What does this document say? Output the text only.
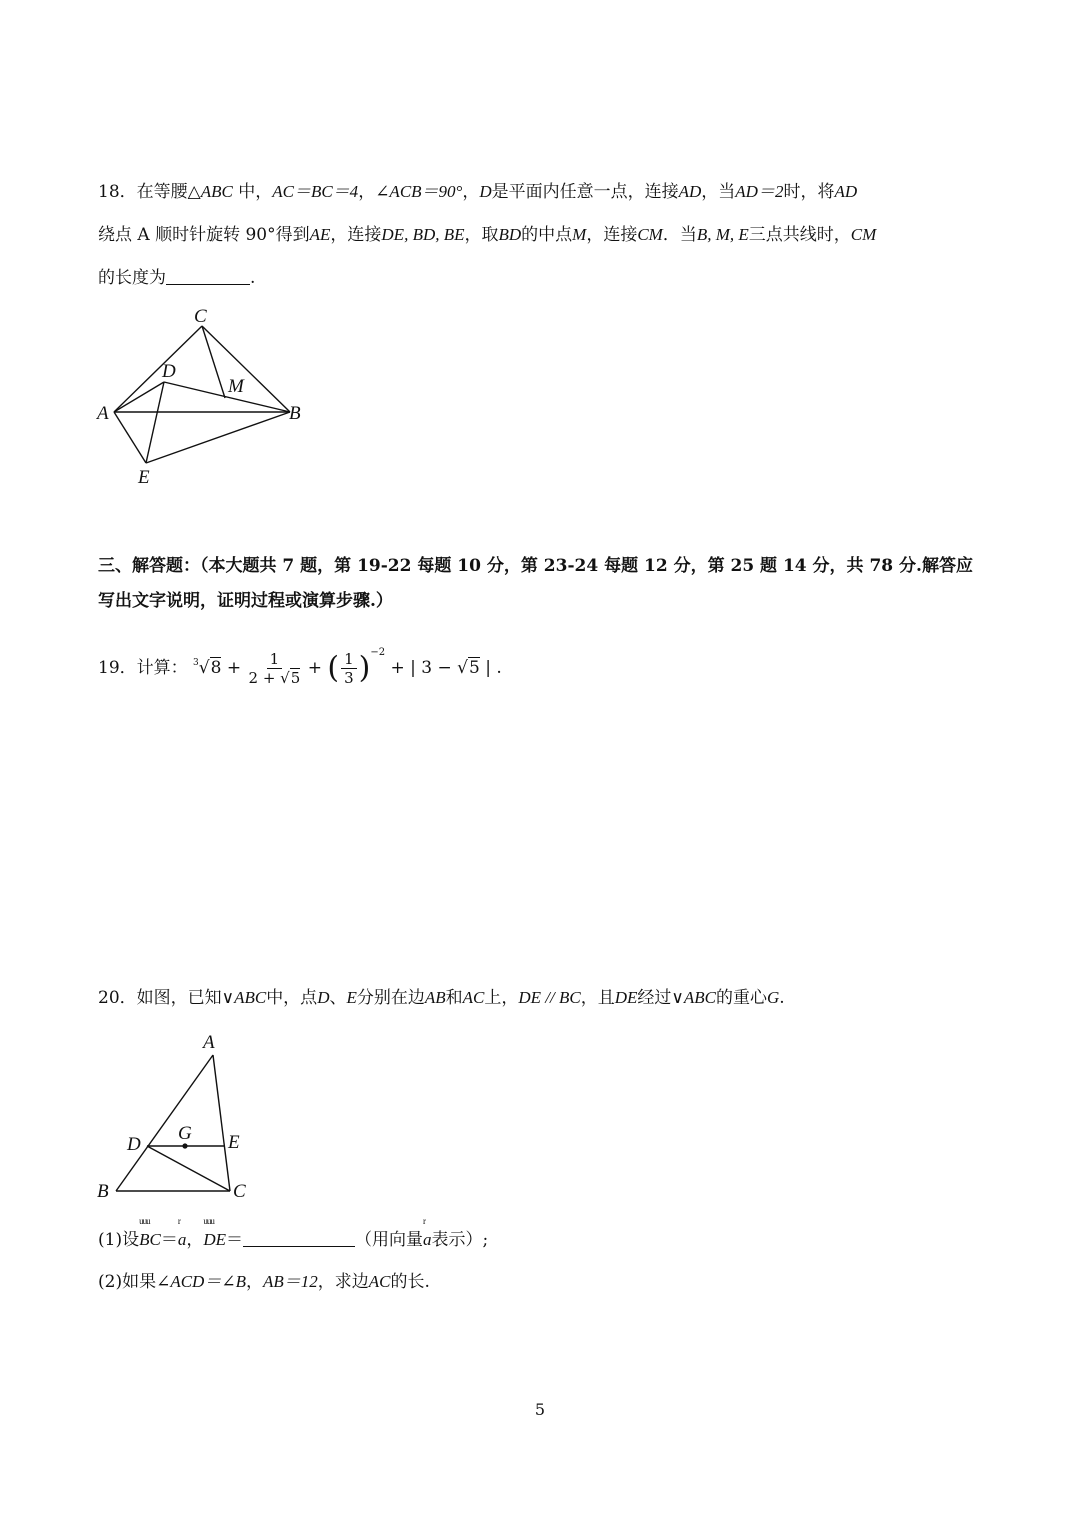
18．在等腰△ABC 中，AC＝BC＝4，∠ACB＝90°，D是平面内任意一点，连接AD，当AD＝2时，将AD
绕点 A 顺时针旋转 90°得到AE，连接DE, BD, BE，取BD的中点M，连接CM．当B, M, E三点共线时，CM
的长度为	.
C
D
M
A	B
E
三、解答题：（本大题共 7 题，第 19-22 每题 10 分，第 23-24 每题 12 分，第 25 题 14 分，共 78 分.解答应
写出文字说明，证明过程或演算步骤.）
19．计算： $^3√8 + \frac{1}{2 + √5}$ + ( $\frac{1}{3} )^{-2}$ + | 3 − √5 | .
20．如图，已知∨ABC中，点D、E分别在边AB和AC上，DE // BC，且DE经过∨ABC的重心G.
A
D
G E
B	C
(1)设
uuu
BC＝
r
a，
uuu
DE＝	（用向量
r
a表示）;
(2)如果∠ACD＝∠B，AB＝12，求边AC的长.
5
